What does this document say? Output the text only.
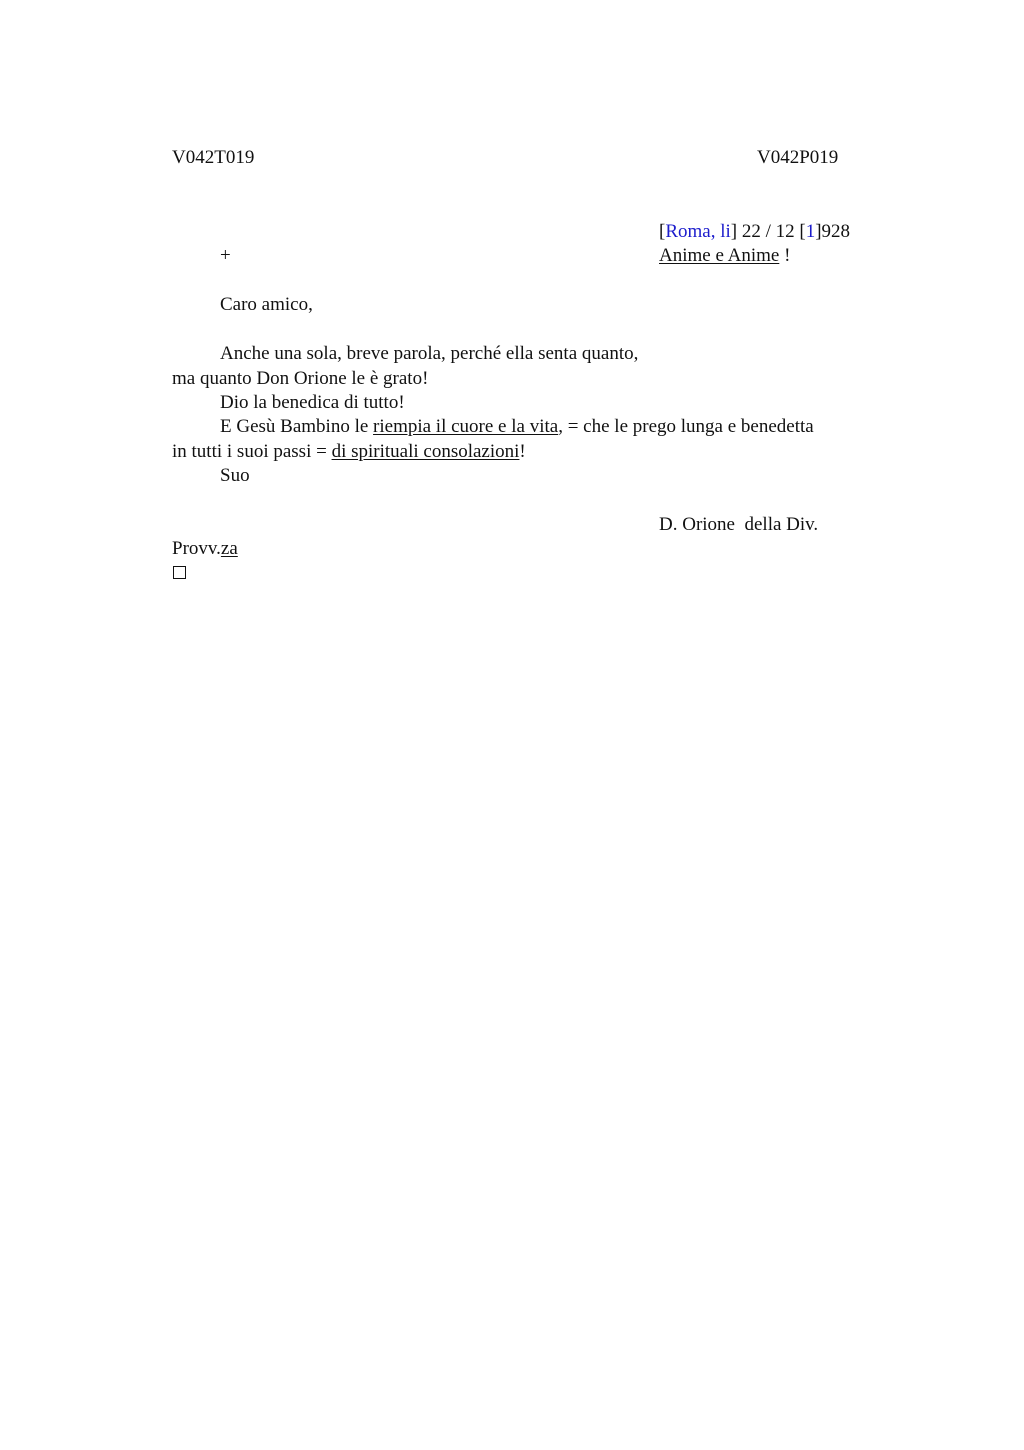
V042T019	V042P019
[Roma, li] 22 / 12 [1]928
+	Anime e Anime !
Caro amico,
Anche una sola, breve parola, perché ella senta quanto,
ma quanto Don Orione le è grato!
Dio la benedica di tutto!
E Gesù Bambino le riempia il cuore e la vita, = che le prego lunga e benedetta
in tutti i suoi passi = di spirituali consolazioni!
Suo
D. Orione  della Div.
Provv.za
